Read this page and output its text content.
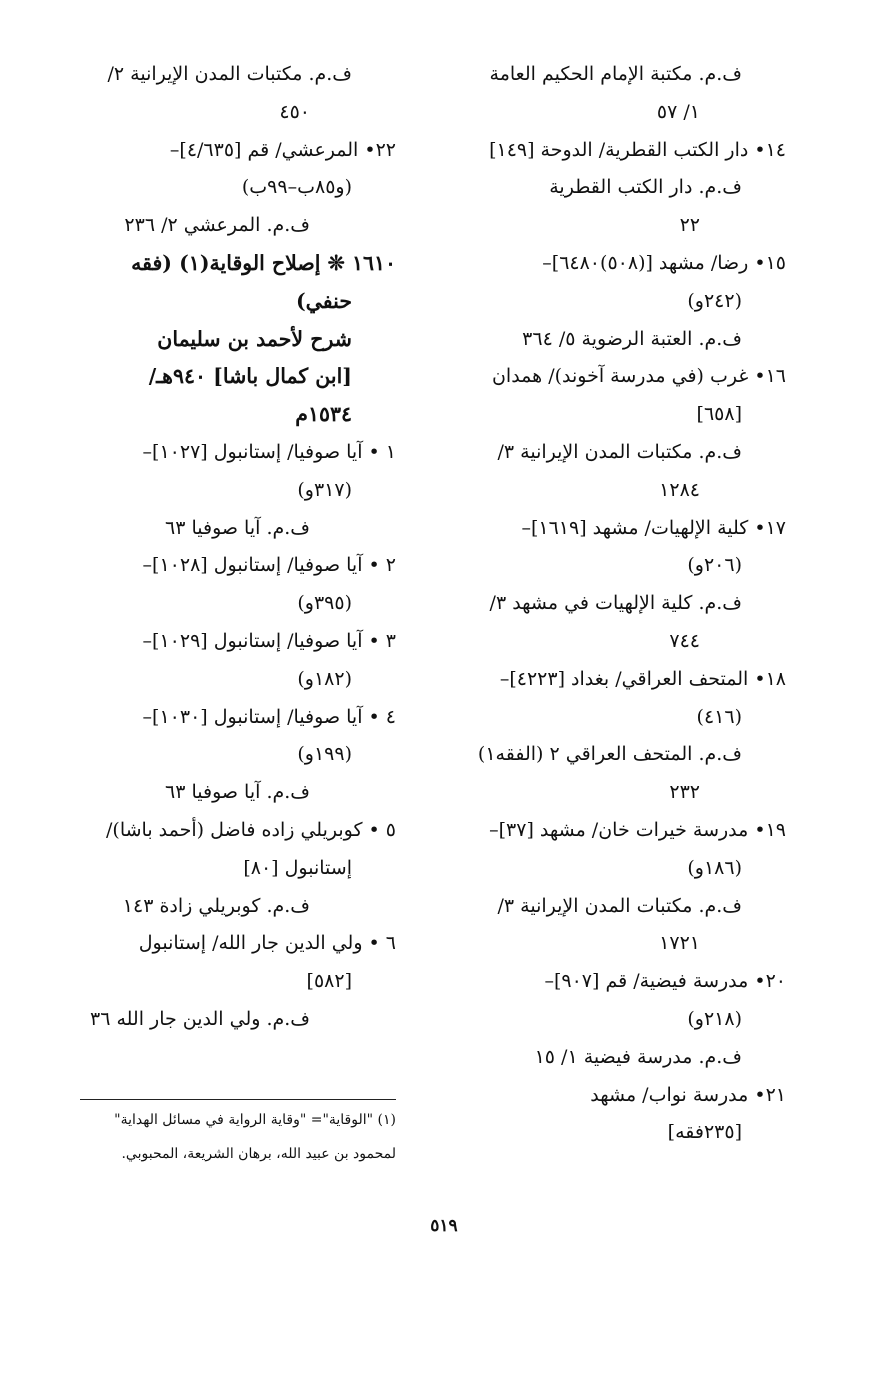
ف.م. مكتبة الإمام الحكيم العامة
١/ ٥٧
١٤• دار الكتب القطرية/ الدوحة [١٤٩]
ف.م. دار الكتب القطرية
٢٢
١٥• رضا/ مشهد [(٥٠٨)٦٤٨٠]–
(٢٤٢و)
ف.م. العتبة الرضوية ٥/ ٣٦٤
١٦• غرب (في مدرسة آخوند)/ همدان
[٦٥٨]
ف.م. مكتبات المدن الإيرانية ٣/
١٢٨٤
١٧• كلية الإلهيات/ مشهد [١٦١٩]–
(٢٠٦و)
ف.م. كلية الإلهيات في مشهد ٣/
٧٤٤
١٨• المتحف العراقي/ بغداد [٤٢٢٣]–
(٤١٦)
ف.م. المتحف العراقي ٢ (الفقه١)
٢٣٢
١٩• مدرسة خيرات خان/ مشهد [٣٧]–
(١٨٦و)
ف.م. مكتبات المدن الإيرانية ٣/
١٧٢١
٢٠• مدرسة فيضية/ قم [٩٠٧]–
(٢١٨و)
ف.م. مدرسة فيضية ١/ ١٥
٢١• مدرسة نواب/ مشهد
[٢٣٥فقه]
ف.م. مكتبات المدن الإيرانية ٢/
٤٥٠
٢٢• المرعشي/ قم [٤/٦٣٥]–
(و٨٥ب–٩٩ب)
ف.م. المرعشي ٢/ ٢٣٦
١٦١٠ ❊ إصلاح الوقاية(١) (فقه
حنفي)
شرح لأحمد بن سليمان
[ابن كمال باشا] ٩٤٠هـ/
١٥٣٤م
١ • آيا صوفيا/ إستانبول [١٠٢٧]–
(٣١٧و)
ف.م. آيا صوفيا ٦٣
٢ • آيا صوفيا/ إستانبول [١٠٢٨]–
(٣٩٥و)
٣ • آيا صوفيا/ إستانبول [١٠٢٩]–
(١٨٢و)
٤ • آيا صوفيا/ إستانبول [١٠٣٠]–
(١٩٩و)
ف.م. آيا صوفيا ٦٣
٥ • كوبريلي زاده فاضل (أحمد باشا)/
إستانبول [٨٠]
ف.م. كوبريلي زادة ١٤٣
٦ • ولي الدين جار الله/ إستانبول
[٥٨٢]
ف.م. ولي الدين جار الله ٣٦
(١) "الوقاية"= "وقاية الرواية في مسائل الهداية"
لمحمود بن عبيد الله، برهان الشريعة، المحبوبي.
٥١٩
